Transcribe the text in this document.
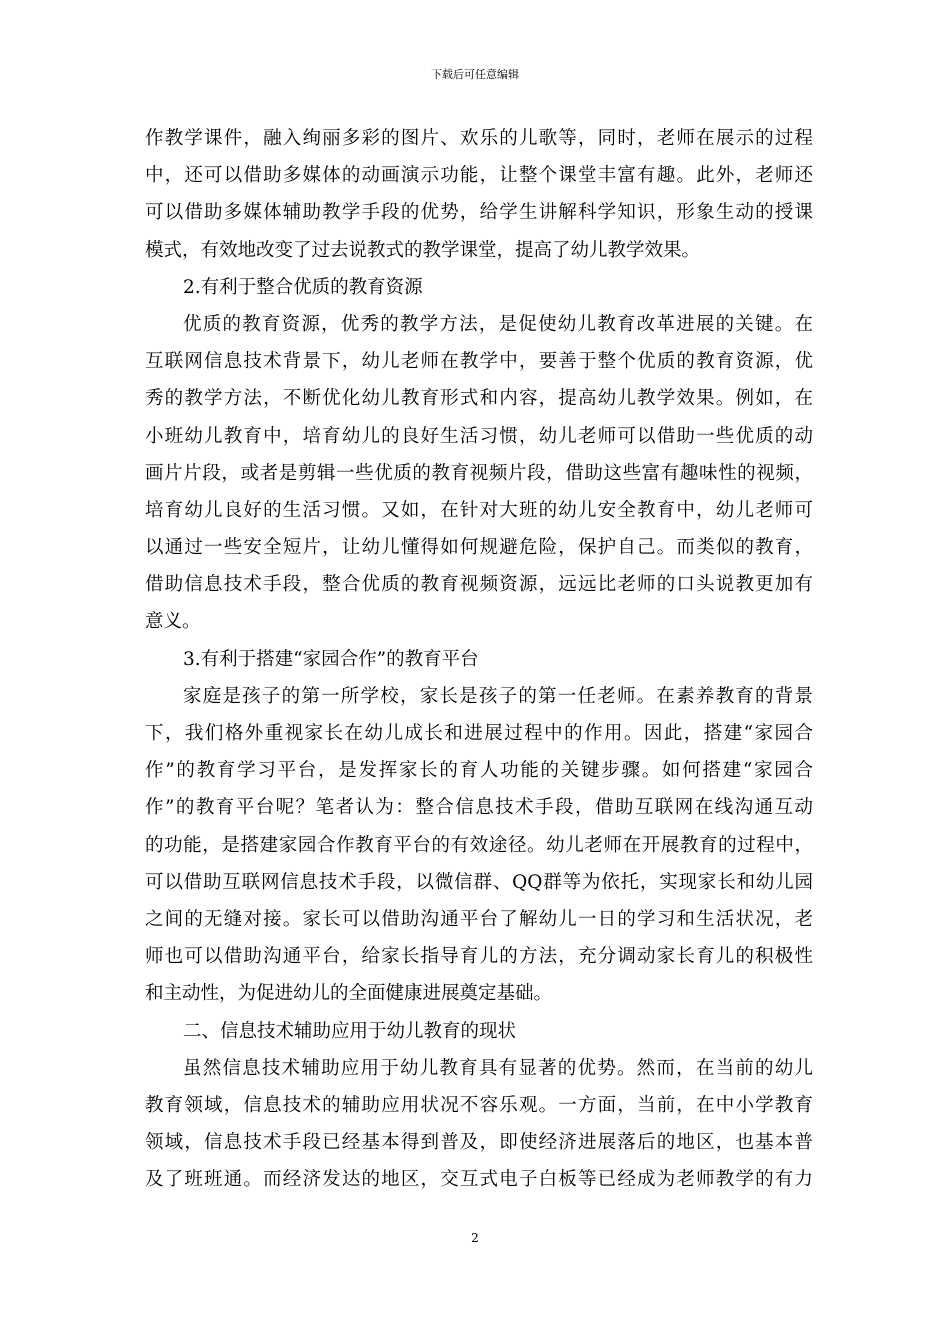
下载后可任意编辑
作教学课件，融入绚丽多彩的图片、欢乐的儿歌等，同时，老师在展示的过程
中，还可以借助多媒体的动画演示功能，让整个课堂丰富有趣。此外，老师还
可以借助多媒体辅助教学手段的优势，给学生讲解科学知识，形象生动的授课
模式，有效地改变了过去说教式的教学课堂，提高了幼儿教学效果。
2.有利于整合优质的教育资源
优质的教育资源，优秀的教学方法，是促使幼儿教育改革进展的关键。在
互联网信息技术背景下，幼儿老师在教学中，要善于整个优质的教育资源，优
秀的教学方法，不断优化幼儿教育形式和内容，提高幼儿教学效果。例如，在
小班幼儿教育中，培育幼儿的良好生活习惯，幼儿老师可以借助一些优质的动
画片片段，或者是剪辑一些优质的教育视频片段，借助这些富有趣味性的视频，
培育幼儿良好的生活习惯。又如，在针对大班的幼儿安全教育中，幼儿老师可
以通过一些安全短片，让幼儿懂得如何规避危险，保护自己。而类似的教育，
借助信息技术手段，整合优质的教育视频资源，远远比老师的口头说教更加有
意义。
3.有利于搭建“家园合作”的教育平台
家庭是孩子的第一所学校，家长是孩子的第一任老师。在素养教育的背景
下，我们格外重视家长在幼儿成长和进展过程中的作用。因此，搭建“家园合
作”的教育学习平台，是发挥家长的育人功能的关键步骤。如何搭建“家园合
作”的教育平台呢？笔者认为：整合信息技术手段，借助互联网在线沟通互动
的功能，是搭建家园合作教育平台的有效途径。幼儿老师在开展教育的过程中，
可以借助互联网信息技术手段，以微信群、QQ群等为依托，实现家长和幼儿园
之间的无缝对接。家长可以借助沟通平台了解幼儿一日的学习和生活状况，老
师也可以借助沟通平台，给家长指导育儿的方法，充分调动家长育儿的积极性
和主动性，为促进幼儿的全面健康进展奠定基础。
二、信息技术辅助应用于幼儿教育的现状
虽然信息技术辅助应用于幼儿教育具有显著的优势。然而，在当前的幼儿
教育领域，信息技术的辅助应用状况不容乐观。一方面，当前，在中小学教育
领域，信息技术手段已经基本得到普及，即使经济进展落后的地区，也基本普
及了班班通。而经济发达的地区，交互式电子白板等已经成为老师教学的有力
2
